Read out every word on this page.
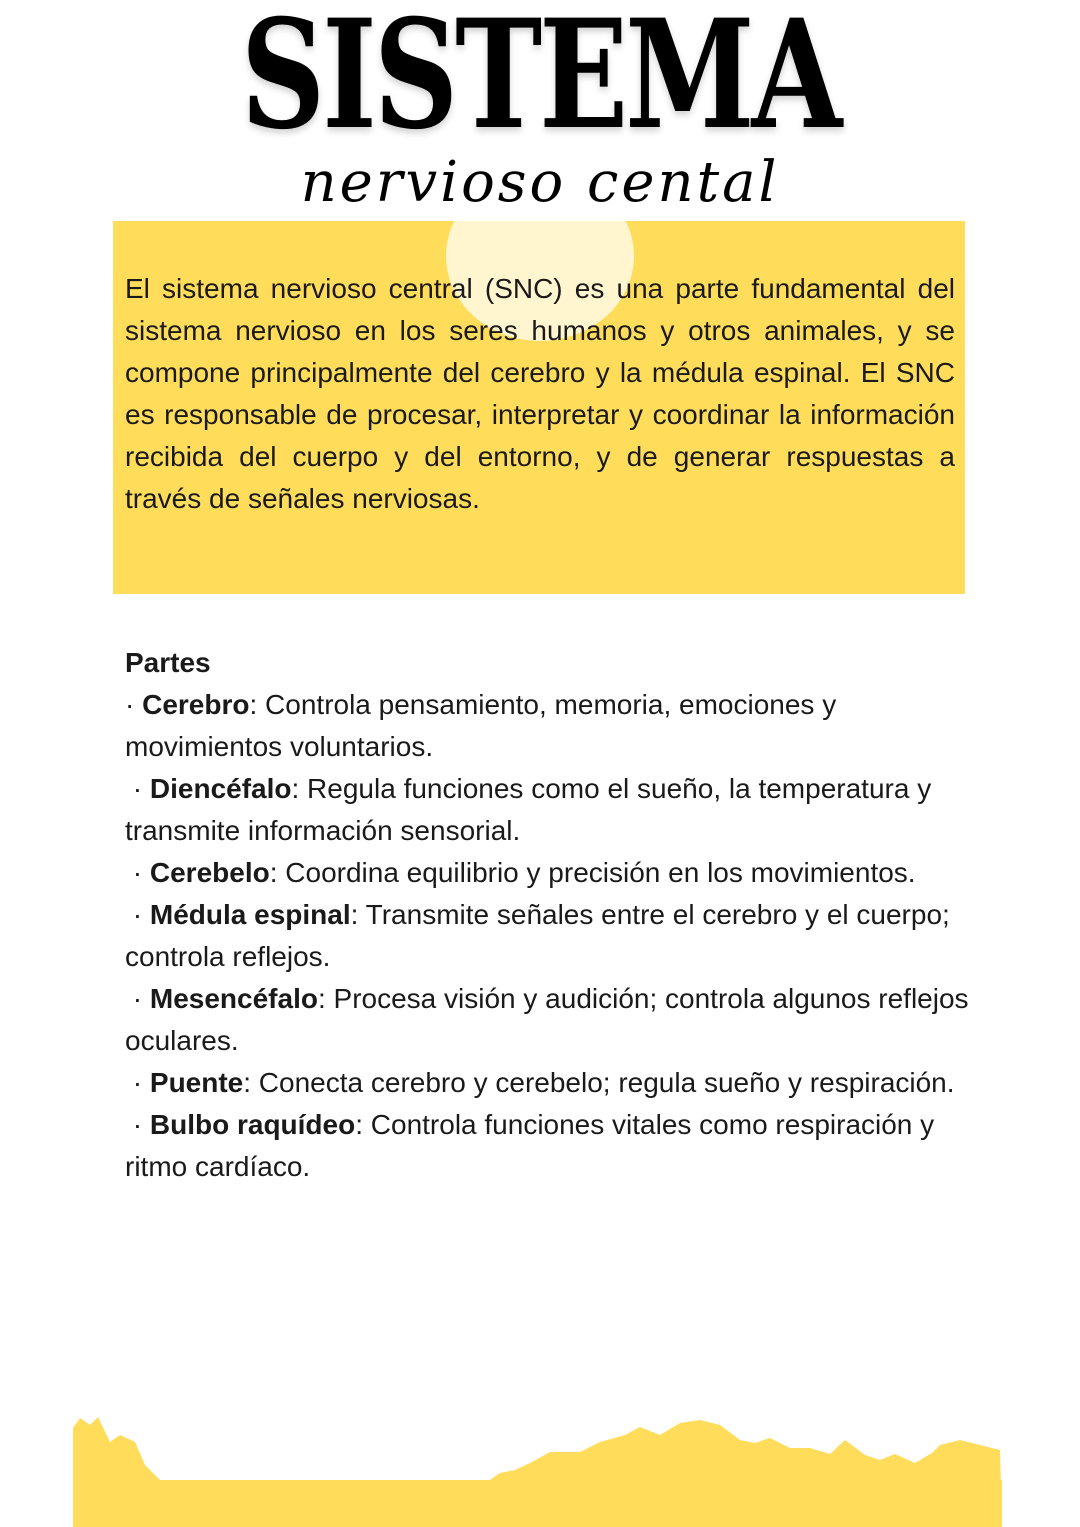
SISTEMA
nervioso cental

El sistema nervioso central (SNC) es una parte fundamental del sistema nervioso en los seres humanos y otros animales, y se compone principalmente del cerebro y la médula espinal. El SNC es responsable de procesar, interpretar y coordinar la información recibida del cuerpo y del entorno, y de generar respuestas a través de señales nerviosas.

Partes

· Cerebro: Controla pensamiento, memoria, emociones y movimientos voluntarios.

· Diencéfalo: Regula funciones como el sueño, la temperatura y transmite información sensorial.

· Cerebelo: Coordina equilibrio y precisión en los movimientos.

· Médula espinal: Transmite señales entre el cerebro y el cuerpo; controla reflejos.

· Mesencéfalo: Procesa visión y audición; controla algunos reflejos oculares.

· Puente: Conecta cerebro y cerebelo; regula sueño y respiración.

· Bulbo raquídeo: Controla funciones vitales como respiración y ritmo cardíaco.
